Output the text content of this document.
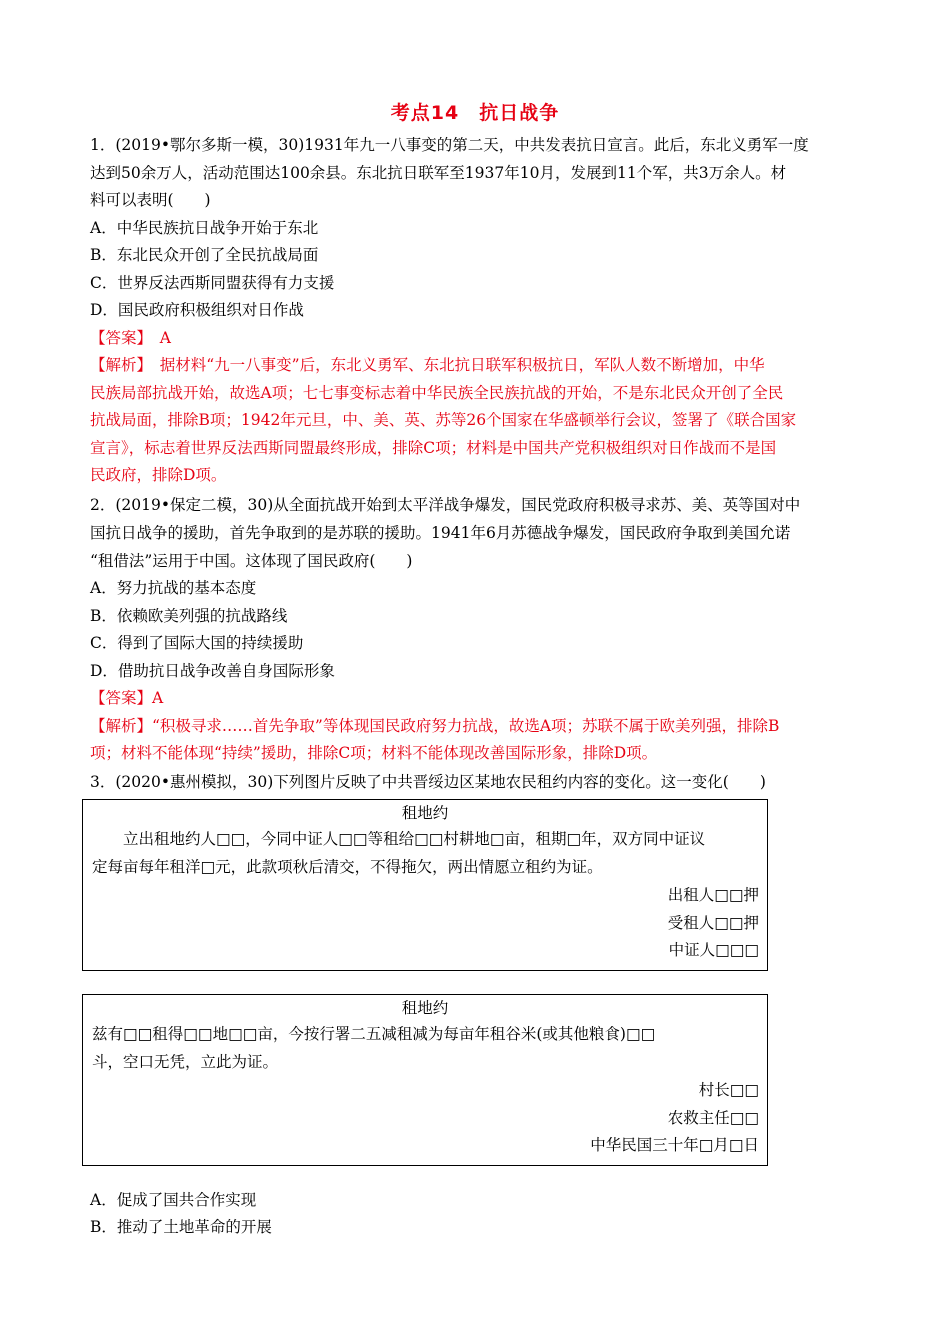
考点14　抗日战争
1．(2019•鄂尔多斯一模，30)1931年九一八事变的第二天，中共发表抗日宣言。此后，东北义勇军一度
达到50余万人，活动范围达100余县。东北抗日联军至1937年10月，发展到11个军，共3万余人。材
料可以表明(　　)
A．中华民族抗日战争开始于东北
B．东北民众开创了全民抗战局面
C．世界反法西斯同盟获得有力支援
D．国民政府积极组织对日作战
【答案】　A
【解析】　据材料“九一八事变”后，东北义勇军、东北抗日联军积极抗日，军队人数不断增加，中华
民族局部抗战开始，故选A项；七七事变标志着中华民族全民族抗战的开始，不是东北民众开创了全民
抗战局面，排除B项；1942年元旦，中、美、英、苏等26个国家在华盛顿举行会议，签署了《联合国家
宣言》，标志着世界反法西斯同盟最终形成，排除C项；材料是中国共产党积极组织对日作战而不是国
民政府，排除D项。
2．(2019•保定二模，30)从全面抗战开始到太平洋战争爆发，国民党政府积极寻求苏、美、英等国对中
国抗日战争的援助，首先争取到的是苏联的援助。1941年6月苏德战争爆发，国民政府争取到美国允诺
“租借法”运用于中国。这体现了国民政府(　　)
A．努力抗战的基本态度
B．依赖欧美列强的抗战路线
C．得到了国际大国的持续援助
D．借助抗日战争改善自身国际形象
【答案】A
【解析】“积极寻求……首先争取”等体现国民政府努力抗战，故选A项；苏联不属于欧美列强，排除B
项；材料不能体现“持续”援助，排除C项；材料不能体现改善国际形象，排除D项。
3．(2020•惠州模拟，30)下列图片反映了中共晋绥边区某地农民租约内容的变化。这一变化(　　)
租地约
立出租地约人□□，今同中证人□□等租给□□村耕地□亩，租期□年，双方同中证议
定每亩每年租洋□元，此款项秋后清交，不得拖欠，两出情愿立租约为证。
出租人□□押
受租人□□押
中证人□□□
租地约
兹有□□租得□□地□□亩，今按行署二五减租减为每亩年租谷米(或其他粮食)□□
斗，空口无凭，立此为证。
村长□□
农救主任□□
中华民国三十年□月□日
A．促成了国共合作实现
B．推动了土地革命的开展
